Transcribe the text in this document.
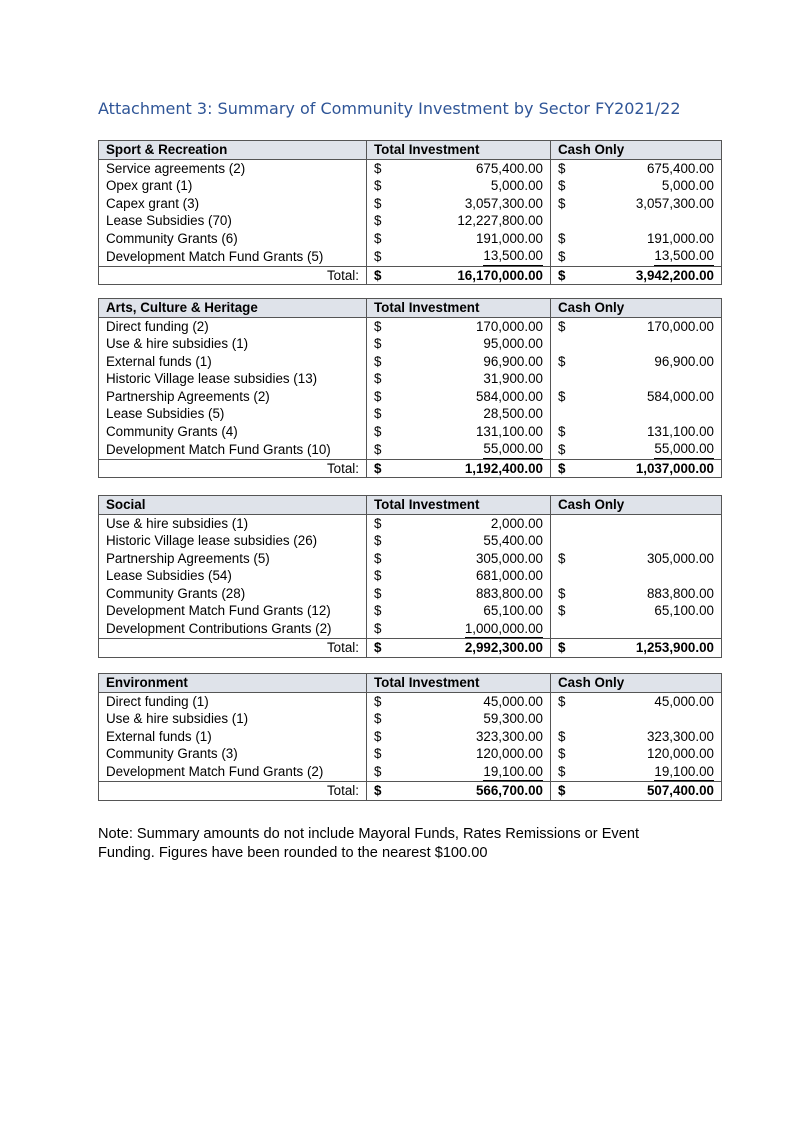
Attachment 3: Summary of Community Investment by Sector FY2021/22
Sport & Recreation	Total Investment	Cash Only
Service agreements (2)	$ 675,400.00	$ 675,400.00

Opex grant (1)	$ 5,000.00	$ 5,000.00

Capex grant (3)	$ 3,057,300.00	$ 3,057,300.00

Lease Subsidies (70)	$ 12,227,800.00	

Community Grants (6)	$ 191,000.00	$ 191,000.00

Development Match Fund Grants (5)	$ 13,500.00	$ 13,500.00

Total:	$ 16,170,000.00	$ 3,942,200.00
Arts, Culture & Heritage	Total Investment	Cash Only
Direct funding (2)	$ 170,000.00	$ 170,000.00

Use & hire subsidies (1)	$ 95,000.00	

External funds (1)	$ 96,900.00	$ 96,900.00

Historic Village lease subsidies (13)	$ 31,900.00	

Partnership Agreements (2)	$ 584,000.00	$ 584,000.00

Lease Subsidies (5)	$ 28,500.00	

Community Grants (4)	$ 131,100.00	$ 131,100.00

Development Match Fund Grants (10)	$ 55,000.00	$ 55,000.00

Total:	$ 1,192,400.00	$ 1,037,000.00
Social	Total Investment	Cash Only
Use & hire subsidies (1)	$ 2,000.00	

Historic Village lease subsidies (26)	$ 55,400.00	

Partnership Agreements (5)	$ 305,000.00	$ 305,000.00

Lease Subsidies (54)	$ 681,000.00	

Community Grants (28)	$ 883,800.00	$ 883,800.00

Development Match Fund Grants (12)	$ 65,100.00	$ 65,100.00

Development Contributions Grants (2)	$ 1,000,000.00	

Total:	$ 2,992,300.00	$ 1,253,900.00
Environment	Total Investment	Cash Only
Direct funding (1)	$ 45,000.00	$ 45,000.00

Use & hire subsidies (1)	$ 59,300.00	

External funds (1)	$ 323,300.00	$ 323,300.00

Community Grants (3)	$ 120,000.00	$ 120,000.00

Development Match Fund Grants (2)	$ 19,100.00	$ 19,100.00

Total:	$ 566,700.00	$ 507,400.00
Note: Summary amounts do not include Mayoral Funds, Rates Remissions or Event Funding. Figures have been rounded to the nearest $100.00
